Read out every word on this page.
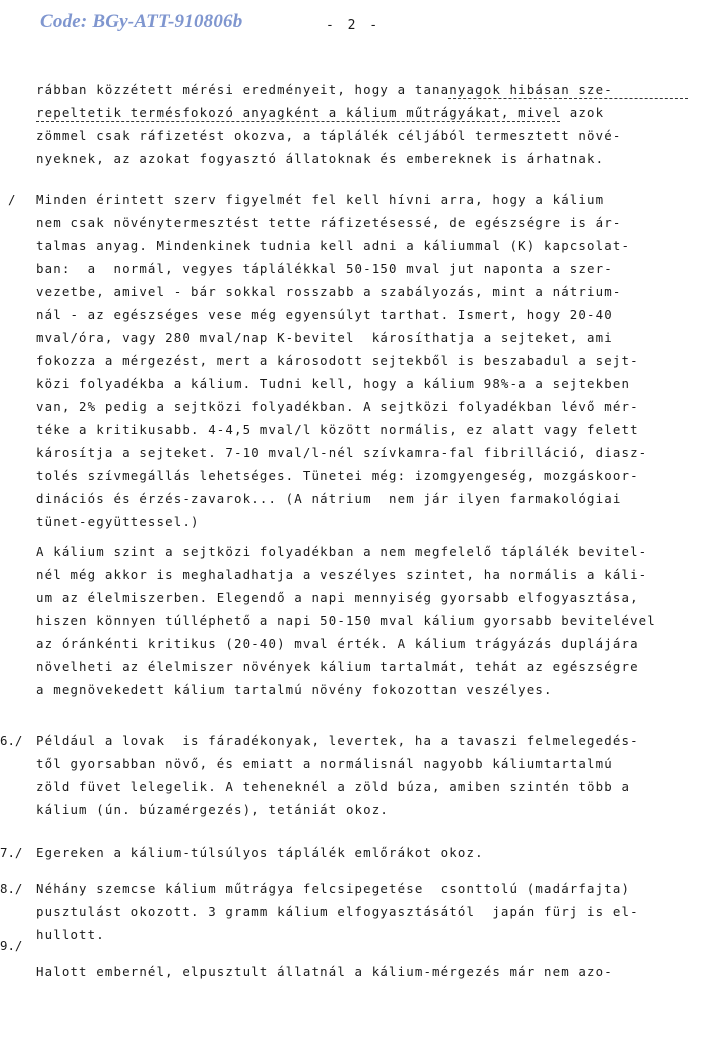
Code: BGy-ATT-910806b	- 2 -
/
6./
7./
8./
9./
rábban közzétett mérési eredményeit, hogy a tananyagok hibásan sze-
repeltetik termésfokozó anyagként a kálium műtrágyákat, mivel azok
zömmel csak ráfizetést okozva, a táplálék céljából termesztett növé-
nyeknek, az azokat fogyasztó állatoknak és embereknek is árhatnak.
Minden érintett szerv figyelmét fel kell hívni arra, hogy a kálium
nem csak növénytermesztést tette ráfizetésessé, de egészségre is ár-
talmas anyag. Mindenkinek tudnia kell adni a káliummal (K) kapcsolat-
ban:  a  normál, vegyes táplálékkal 50-150 mval jut naponta a szer-
vezetbe, amivel - bár sokkal rosszabb a szabályozás, mint a nátrium-
nál - az egészséges vese még egyensúlyt tarthat. Ismert, hogy 20-40
mval/óra, vagy 280 mval/nap K-bevitel  károsíthatja a sejteket, ami
fokozza a mérgezést, mert a károsodott sejtekből is beszabadul a sejt-
közi folyadékba a kálium. Tudni kell, hogy a kálium 98%-a a sejtekben
van, 2% pedig a sejtközi folyadékban. A sejtközi folyadékban lévő mér-
téke a kritikusabb. 4-4,5 mval/l között normális, ez alatt vagy felett
károsítja a sejteket. 7-10 mval/l-nél szívkamra-fal fibrilláció, diasz-
tolés szívmegállás lehetséges. Tünetei még: izomgyengeség, mozgáskoor-
dinációs és érzés-zavarok... (A nátrium  nem jár ilyen farmakológiai
tünet-együttessel.)
A kálium szint a sejtközi folyadékban a nem megfelelő táplálék bevitel-
nél még akkor is meghaladhatja a veszélyes szintet, ha normális a káli-
um az élelmiszerben. Elegendő a napi mennyiség gyorsabb elfogyasztása,
hiszen könnyen túlléphető a napi 50-150 mval kálium gyorsabb bevitelével
az óránkénti kritikus (20-40) mval érték. A kálium trágyázás duplájára
növelheti az élelmiszer növények kálium tartalmát, tehát az egészségre
a megnövekedett kálium tartalmú növény fokozottan veszélyes.
Például a lovak  is fáradékonyak, levertek, ha a tavaszi felmelegedés-
től gyorsabban növő, és emiatt a normálisnál nagyobb káliumtartalmú
zöld füvet lelegelik. A teheneknél a zöld búza, amiben szintén több a
kálium (ún. búzamérgezés), tetániát okoz.
Egereken a kálium-túlsúlyos táplálék emlőrákot okoz.
Néhány szemcse kálium műtrágya felcsipegetése  csonttolú (madárfajta)
pusztulást okozott. 3 gramm kálium elfogyasztásától  japán fürj is el-
hullott.
Halott embernél, elpusztult állatnál a kálium-mérgezés már nem azo-
